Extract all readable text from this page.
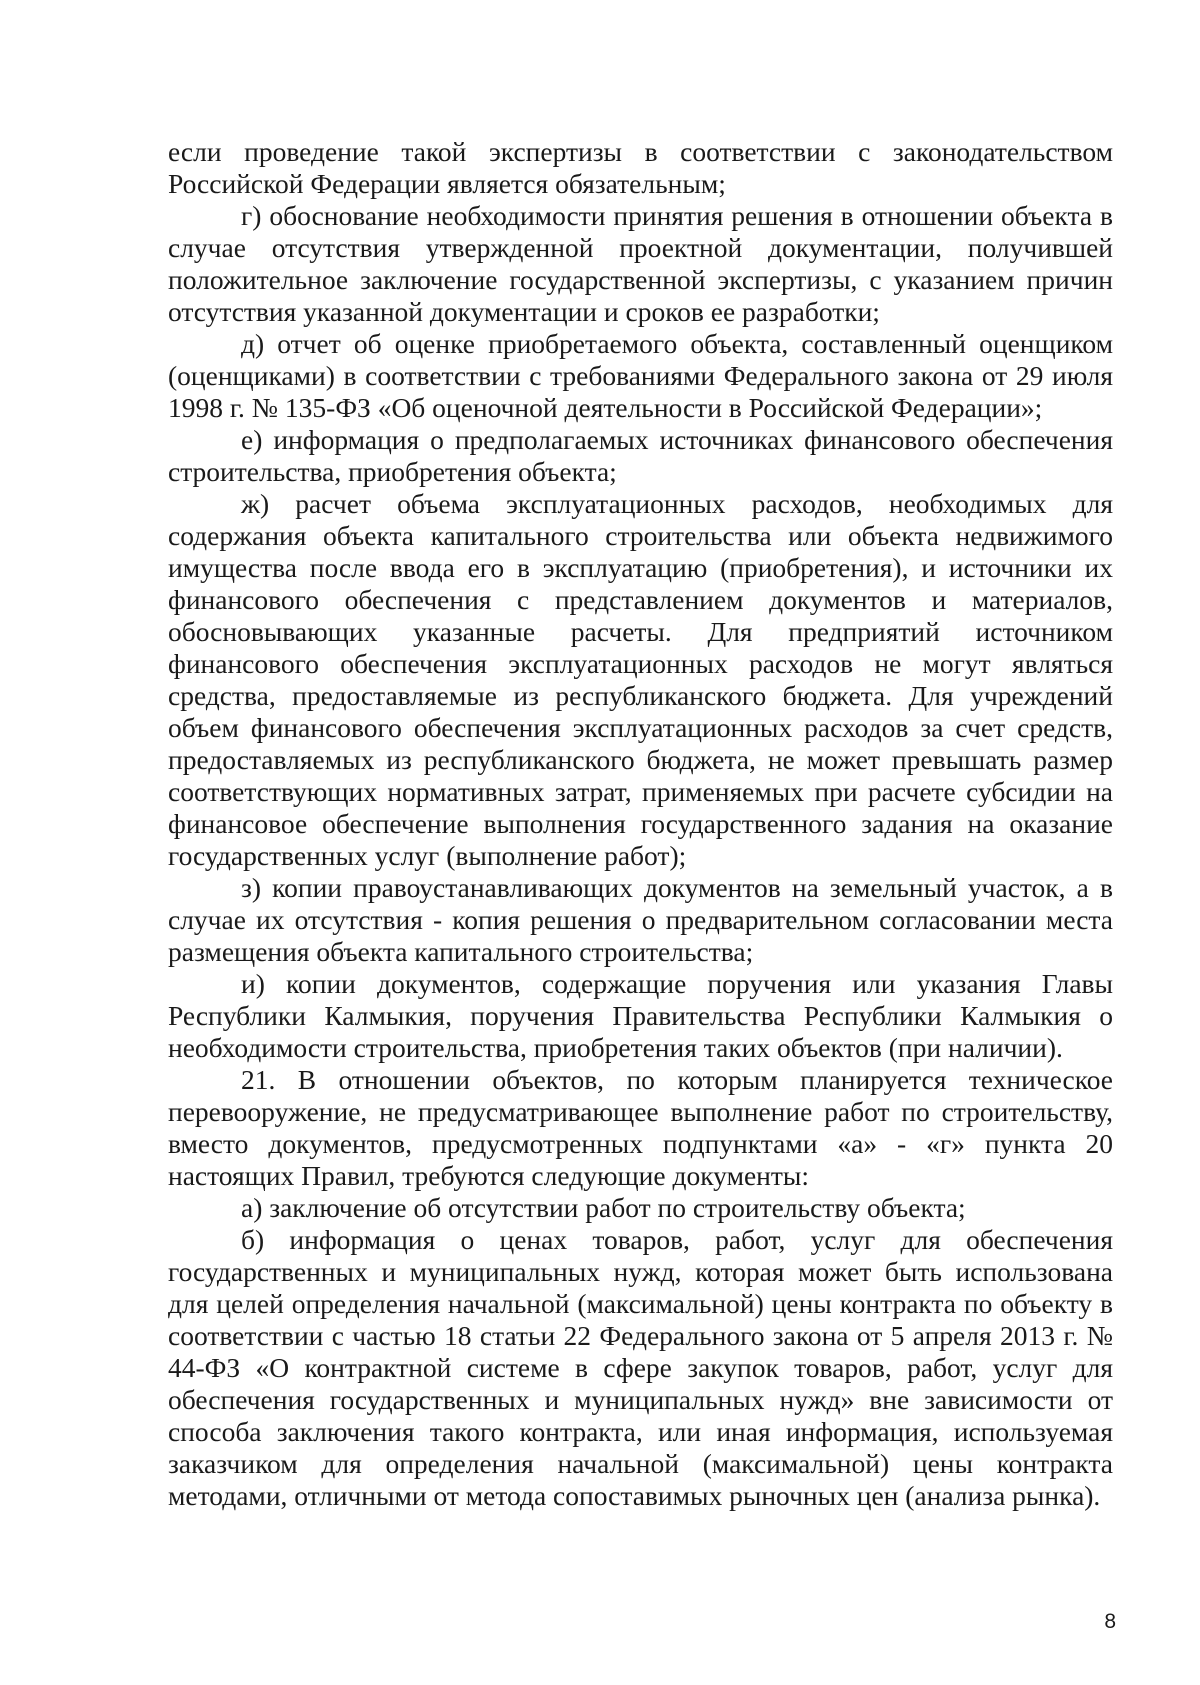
если проведение такой экспертизы в соответствии с законодательством Российской Федерации является обязательным;

г) обоснование необходимости принятия решения в отношении объекта в случае отсутствия утвержденной проектной документации, получившей положительное заключение государственной экспертизы, с указанием причин отсутствия указанной документации и сроков ее разработки;

д) отчет об оценке приобретаемого объекта, составленный оценщиком (оценщиками) в соответствии с требованиями Федерального закона от 29 июля 1998 г. № 135-ФЗ «Об оценочной деятельности в Российской Федерации»;

е) информация о предполагаемых источниках финансового обеспечения строительства, приобретения объекта;

ж) расчет объема эксплуатационных расходов, необходимых для содержания объекта капитального строительства или объекта недвижимого имущества после ввода его в эксплуатацию (приобретения), и источники их финансового обеспечения с представлением документов и материалов, обосновывающих указанные расчеты. Для предприятий источником финансового обеспечения эксплуатационных расходов не могут являться средства, предоставляемые из республиканского бюджета. Для учреждений объем финансового обеспечения эксплуатационных расходов за счет средств, предоставляемых из республиканского бюджета, не может превышать размер соответствующих нормативных затрат, применяемых при расчете субсидии на финансовое обеспечение выполнения государственного задания на оказание государственных услуг (выполнение работ);

з) копии правоустанавливающих документов на земельный участок, а в случае их отсутствия - копия решения о предварительном согласовании места размещения объекта капитального строительства;

и) копии документов, содержащие поручения или указания Главы Республики Калмыкия, поручения Правительства Республики Калмыкия о необходимости строительства, приобретения таких объектов (при наличии).

21. В отношении объектов, по которым планируется техническое перевооружение, не предусматривающее выполнение работ по строительству, вместо документов, предусмотренных подпунктами «а» - «г» пункта 20 настоящих Правил, требуются следующие документы:

а) заключение об отсутствии работ по строительству объекта;

б) информация о ценах товаров, работ, услуг для обеспечения государственных и муниципальных нужд, которая может быть использована для целей определения начальной (максимальной) цены контракта по объекту в соответствии с частью 18 статьи 22 Федерального закона от 5 апреля 2013 г. № 44-ФЗ «О контрактной системе в сфере закупок товаров, работ, услуг для обеспечения государственных и муниципальных нужд» вне зависимости от способа заключения такого контракта, или иная информация, используемая заказчиком для определения начальной (максимальной) цены контракта методами, отличными от метода сопоставимых рыночных цен (анализа рынка).

8
